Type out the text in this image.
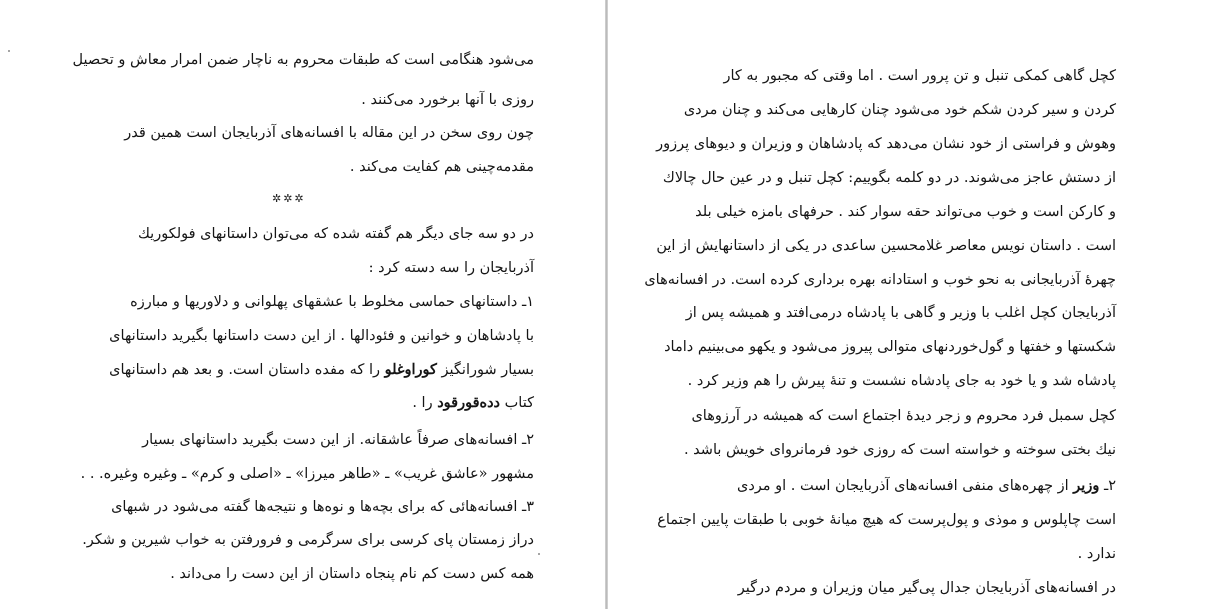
می‌شود هنگامی است که طبقات محروم به ناچار ضمن امرار معاش و تحصیل
روزی با آنها برخورد می‌کنند .
چون روی سخن در این مقاله با افسانه‌های آذربایجان است همین قدر
مقدمه‌چینی هم کفایت می‌کند .
✲✲✲
در دو سه جای دیگر هم گفته شده که می‌توان داستانهای فولکوریك
آذربایجان را سه دسته کرد :
۱ـ داستانهای حماسی مخلوط با عشقهای پهلوانی و دلاوریها و مبارزه
با پادشاهان و خوانین و فئودالها . از این دست داستانها بگیرید داستانهای
بسیار شورانگیز کوراوغلو را که مفده داستان است. و بعد هم داستانهای
کتاب دده‌قورقود را .
۲ـ افسانه‌های صرفاً عاشقانه. از این دست بگیرید داستانهای بسیار
مشهور «عاشق غریب» ـ «طاهر میرزا» ـ «اصلی و کرم» ـ وغیره وغیره. . .
۳ـ افسانه‌هائی که برای بچه‌ها و نوه‌ها و نتیجه‌ها گفته می‌شود در شبهای
دراز زمستان پای کرسی برای سرگرمی و فرورفتن به خواب شیرین و شکر.
همه کس دست کم نام پنجاه داستان از این دست را می‌داند .
کچل گاهی کمکی تنبل و تن پرور است . اما وقتی که مجبور به کار
کردن و سیر کردن شکم خود می‌شود چنان کارهایی می‌کند و چنان مردی
وهوش و فراستی از خود نشان می‌دهد که پادشاهان و وزیران و دیوهای پرزور
از دستش عاجز می‌شوند. در دو کلمه بگوییم: کچل تنبل و در عین حال چالاك
و کارکن است و خوب می‌تواند حقه سوار کند . حرفهای بامزه خیلی بلد
است . داستان نویس معاصر غلامحسین ساعدی در یکی از داستانهایش از این
چهرهٔ آذربایجانی به نحو خوب و استادانه بهره برداری کرده است. در افسانه‌های
آذربایجان کچل اغلب با وزیر و گاهی با پادشاه درمی‌افتد و همیشه پس از
شکستها و خفتها و گول‌خوردنهای متوالی پیروز می‌شود و یکهو می‌بینیم داماد
پادشاه شد و یا خود به جای پادشاه نشست و تنهٔ پیرش را هم وزیر کرد .
کچل سمبل فرد محروم و زجر دیدهٔ اجتماع است که همیشه در آرزوهای
نیك بختی سوخته و خواسته است که روزی خود فرمانروای خویش باشد .
۲ـ وزیر از چهره‌های منفی افسانه‌های آذربایجان است . او مردی
است چاپلوس و موذی و پول‌پرست که هیچ میانهٔ خوبی با طبقات پایین اجتماع
ندارد .
در افسانه‌های آذربایجان جدال پی‌گیر میان وزیران و مردم درگیر
